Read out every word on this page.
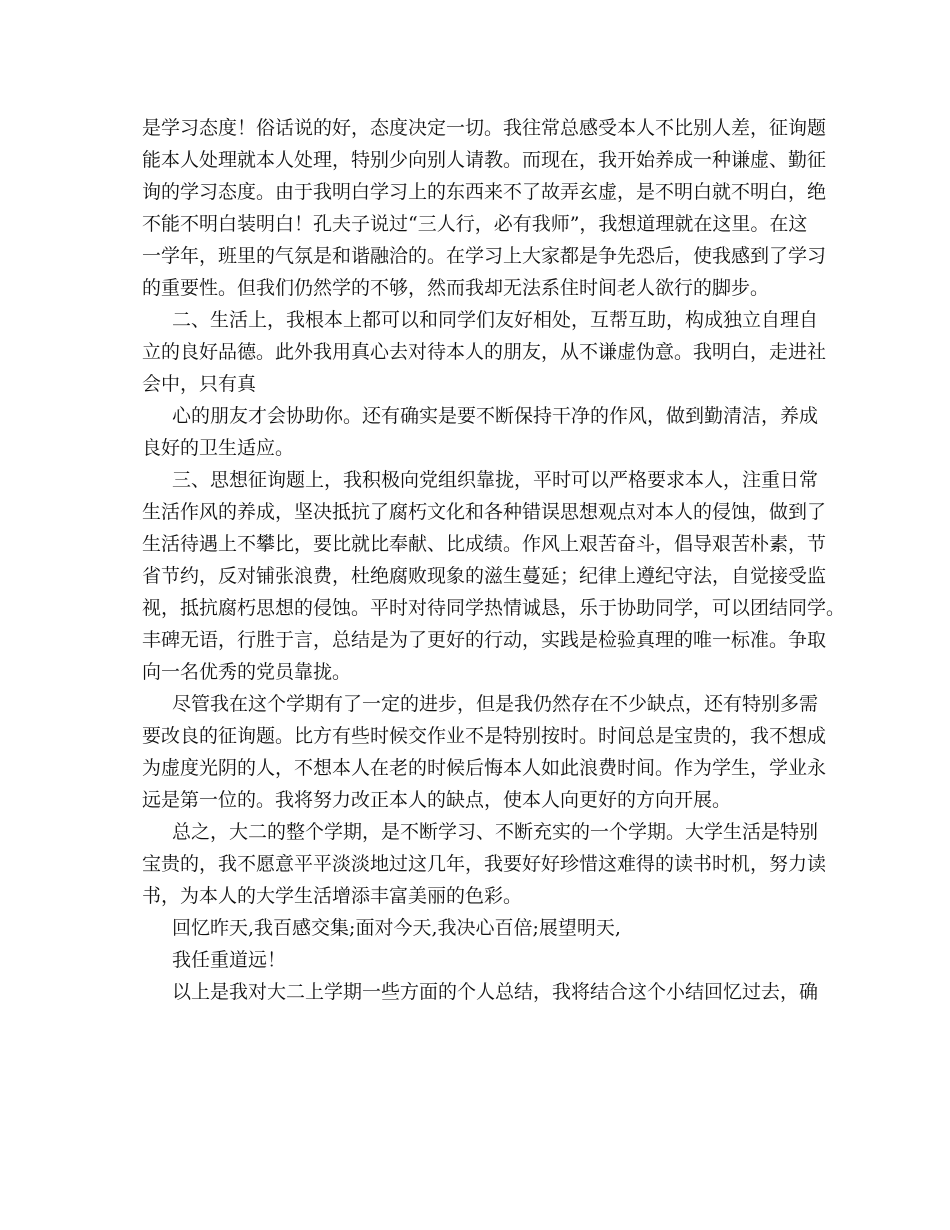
是学习态度！俗话说的好，态度决定一切。我往常总感受本人不比别人差，征询题
能本人处理就本人处理，特别少向别人请教。而现在，我开始养成一种谦虚、勤征
询的学习态度。由于我明白学习上的东西来不了故弄玄虚，是不明白就不明白，绝
不能不明白装明白！孔夫子说过“三人行，必有我师”，我想道理就在这里。在这
一学年，班里的气氛是和谐融洽的。在学习上大家都是争先恐后，使我感到了学习
的重要性。但我们仍然学的不够，然而我却无法系住时间老人欲行的脚步。
二、生活上，我根本上都可以和同学们友好相处，互帮互助，构成独立自理自
立的良好品德。此外我用真心去对待本人的朋友，从不谦虚伪意。我明白，走进社
会中，只有真
心的朋友才会协助你。还有确实是要不断保持干净的作风，做到勤清洁，养成
良好的卫生适应。
三、思想征询题上，我积极向党组织靠拢，平时可以严格要求本人，注重日常
生活作风的养成，坚决抵抗了腐朽文化和各种错误思想观点对本人的侵蚀，做到了
生活待遇上不攀比，要比就比奉献、比成绩。作风上艰苦奋斗，倡导艰苦朴素，节
省节约，反对铺张浪费，杜绝腐败现象的滋生蔓延；纪律上遵纪守法，自觉接受监
视，抵抗腐朽思想的侵蚀。平时对待同学热情诚恳，乐于协助同学，可以团结同学。
丰碑无语，行胜于言，总结是为了更好的行动，实践是检验真理的唯一标准。争取
向一名优秀的党员靠拢。
尽管我在这个学期有了一定的进步，但是我仍然存在不少缺点，还有特别多需
要改良的征询题。比方有些时候交作业不是特别按时。时间总是宝贵的，我不想成
为虚度光阴的人，不想本人在老的时候后悔本人如此浪费时间。作为学生，学业永
远是第一位的。我将努力改正本人的缺点，使本人向更好的方向开展。
总之，大二的整个学期，是不断学习、不断充实的一个学期。大学生活是特别
宝贵的，我不愿意平平淡淡地过这几年，我要好好珍惜这难得的读书时机，努力读
书，为本人的大学生活增添丰富美丽的色彩。
回忆昨天,我百感交集;面对今天,我决心百倍;展望明天,
我任重道远！
以上是我对大二上学期一些方面的个人总结，我将结合这个小结回忆过去，确
